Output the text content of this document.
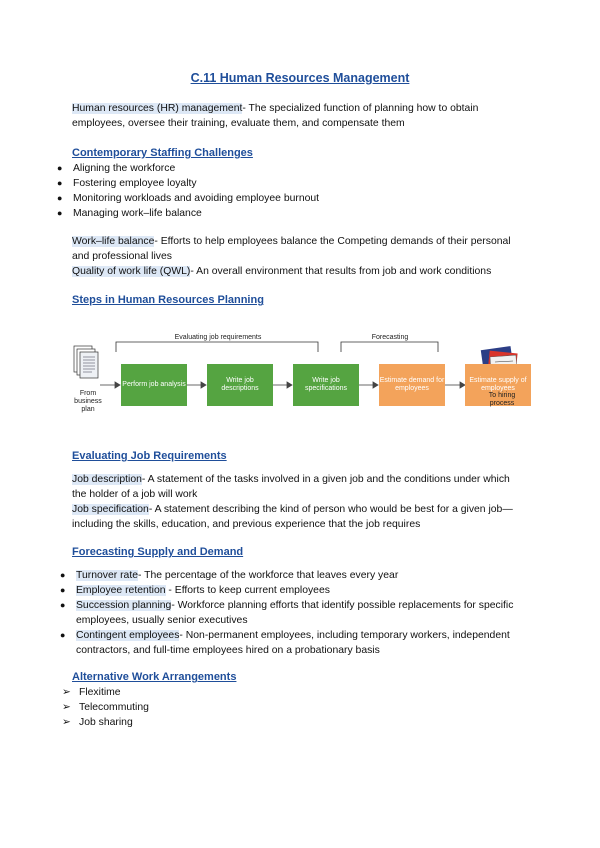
C.11 Human Resources Management
Human resources (HR) management- The specialized function of planning how to obtain employees, oversee their training, evaluate them, and compensate them
Contemporary Staffing Challenges
● Aligning the workforce
● Fostering employee loyalty
● Monitoring workloads and avoiding employee burnout
● Managing work–life balance
Work–life balance- Efforts to help employees balance the Competing demands of their personal and professional lives
Quality of work life (QWL)- An overall environment that results from job and work conditions
Steps in Human Resources Planning
Evaluating job requirements	Forecasting
Perform job analysis
Write job descriptions
Write job specifications
Estimate demand for employees
Estimate supply of employees
From business plan
To hiring process
Evaluating Job Requirements
Job description- A statement of the tasks involved in a given job and the conditions under which the holder of a job will work
Job specification- A statement describing the kind of person who would be best for a given job—including the skills, education, and previous experience that the job requires
Forecasting Supply and Demand
● Turnover rate- The percentage of the workforce that leaves every year
● Employee retention - Efforts to keep current employees
● Succession planning- Workforce planning efforts that identify possible replacements for specific employees, usually senior executives
● Contingent employees- Non-permanent employees, including temporary workers, independent contractors, and full-time employees hired on a probationary basis
Alternative Work Arrangements
➢ Flexitime
➢ Telecommuting
➢ Job sharing
